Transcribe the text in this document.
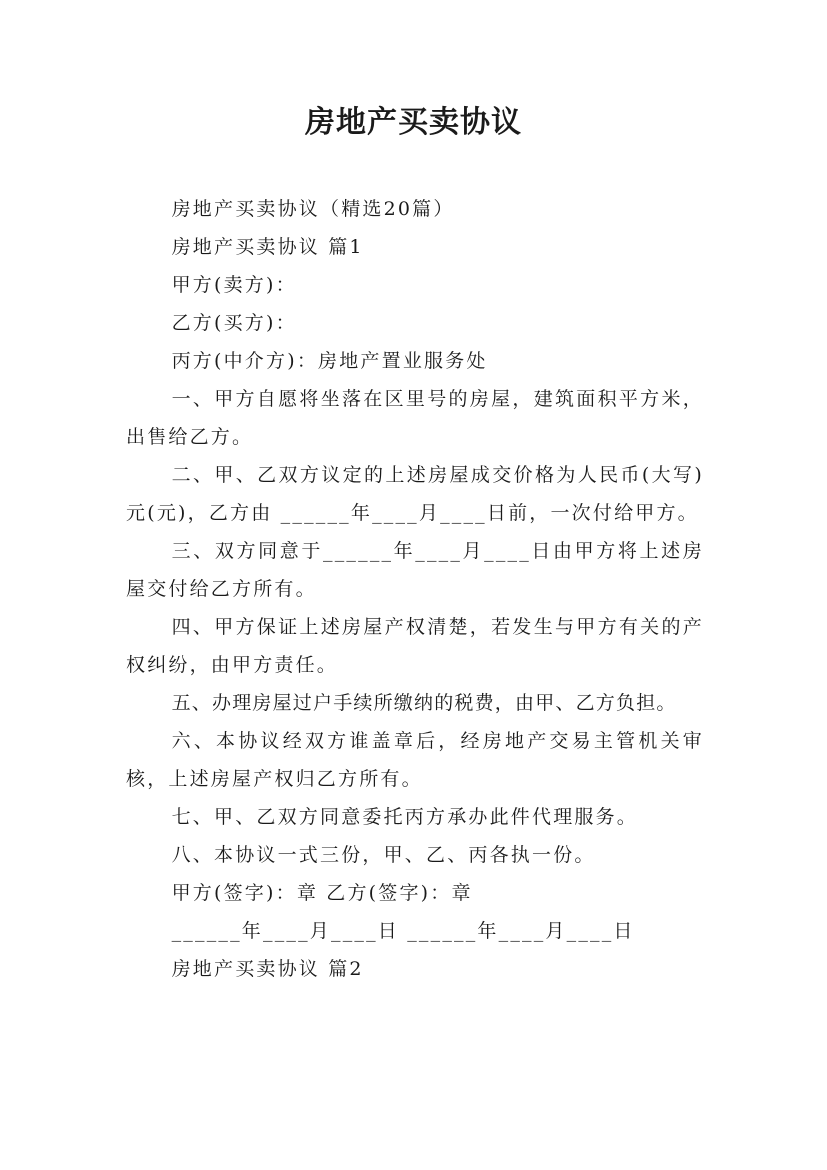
房地产买卖协议

房地产买卖协议（精选20篇）

房地产买卖协议 篇1

甲方(卖方)：

乙方(买方)：

丙方(中介方)：房地产置业服务处

一、甲方自愿将坐落在区里号的房屋，建筑面积平方米，出售给乙方。

二、甲、乙双方议定的上述房屋成交价格为人民币(大写) 元(元)，乙方由 ______年____月____日前，一次付给甲方。

三、双方同意于______年____月____日由甲方将上述房屋交付给乙方所有。

四、甲方保证上述房屋产权清楚，若发生与甲方有关的产权纠纷，由甲方责任。

五、办理房屋过户手续所缴纳的税费，由甲、乙方负担。

六、本协议经双方谁盖章后，经房地产交易主管机关审核，上述房屋产权归乙方所有。

七、甲、乙双方同意委托丙方承办此件代理服务。

八、本协议一式三份，甲、乙、丙各执一份。

甲方(签字)：章 乙方(签字)：章

______年____月____日 ______年____月____日

房地产买卖协议 篇2
